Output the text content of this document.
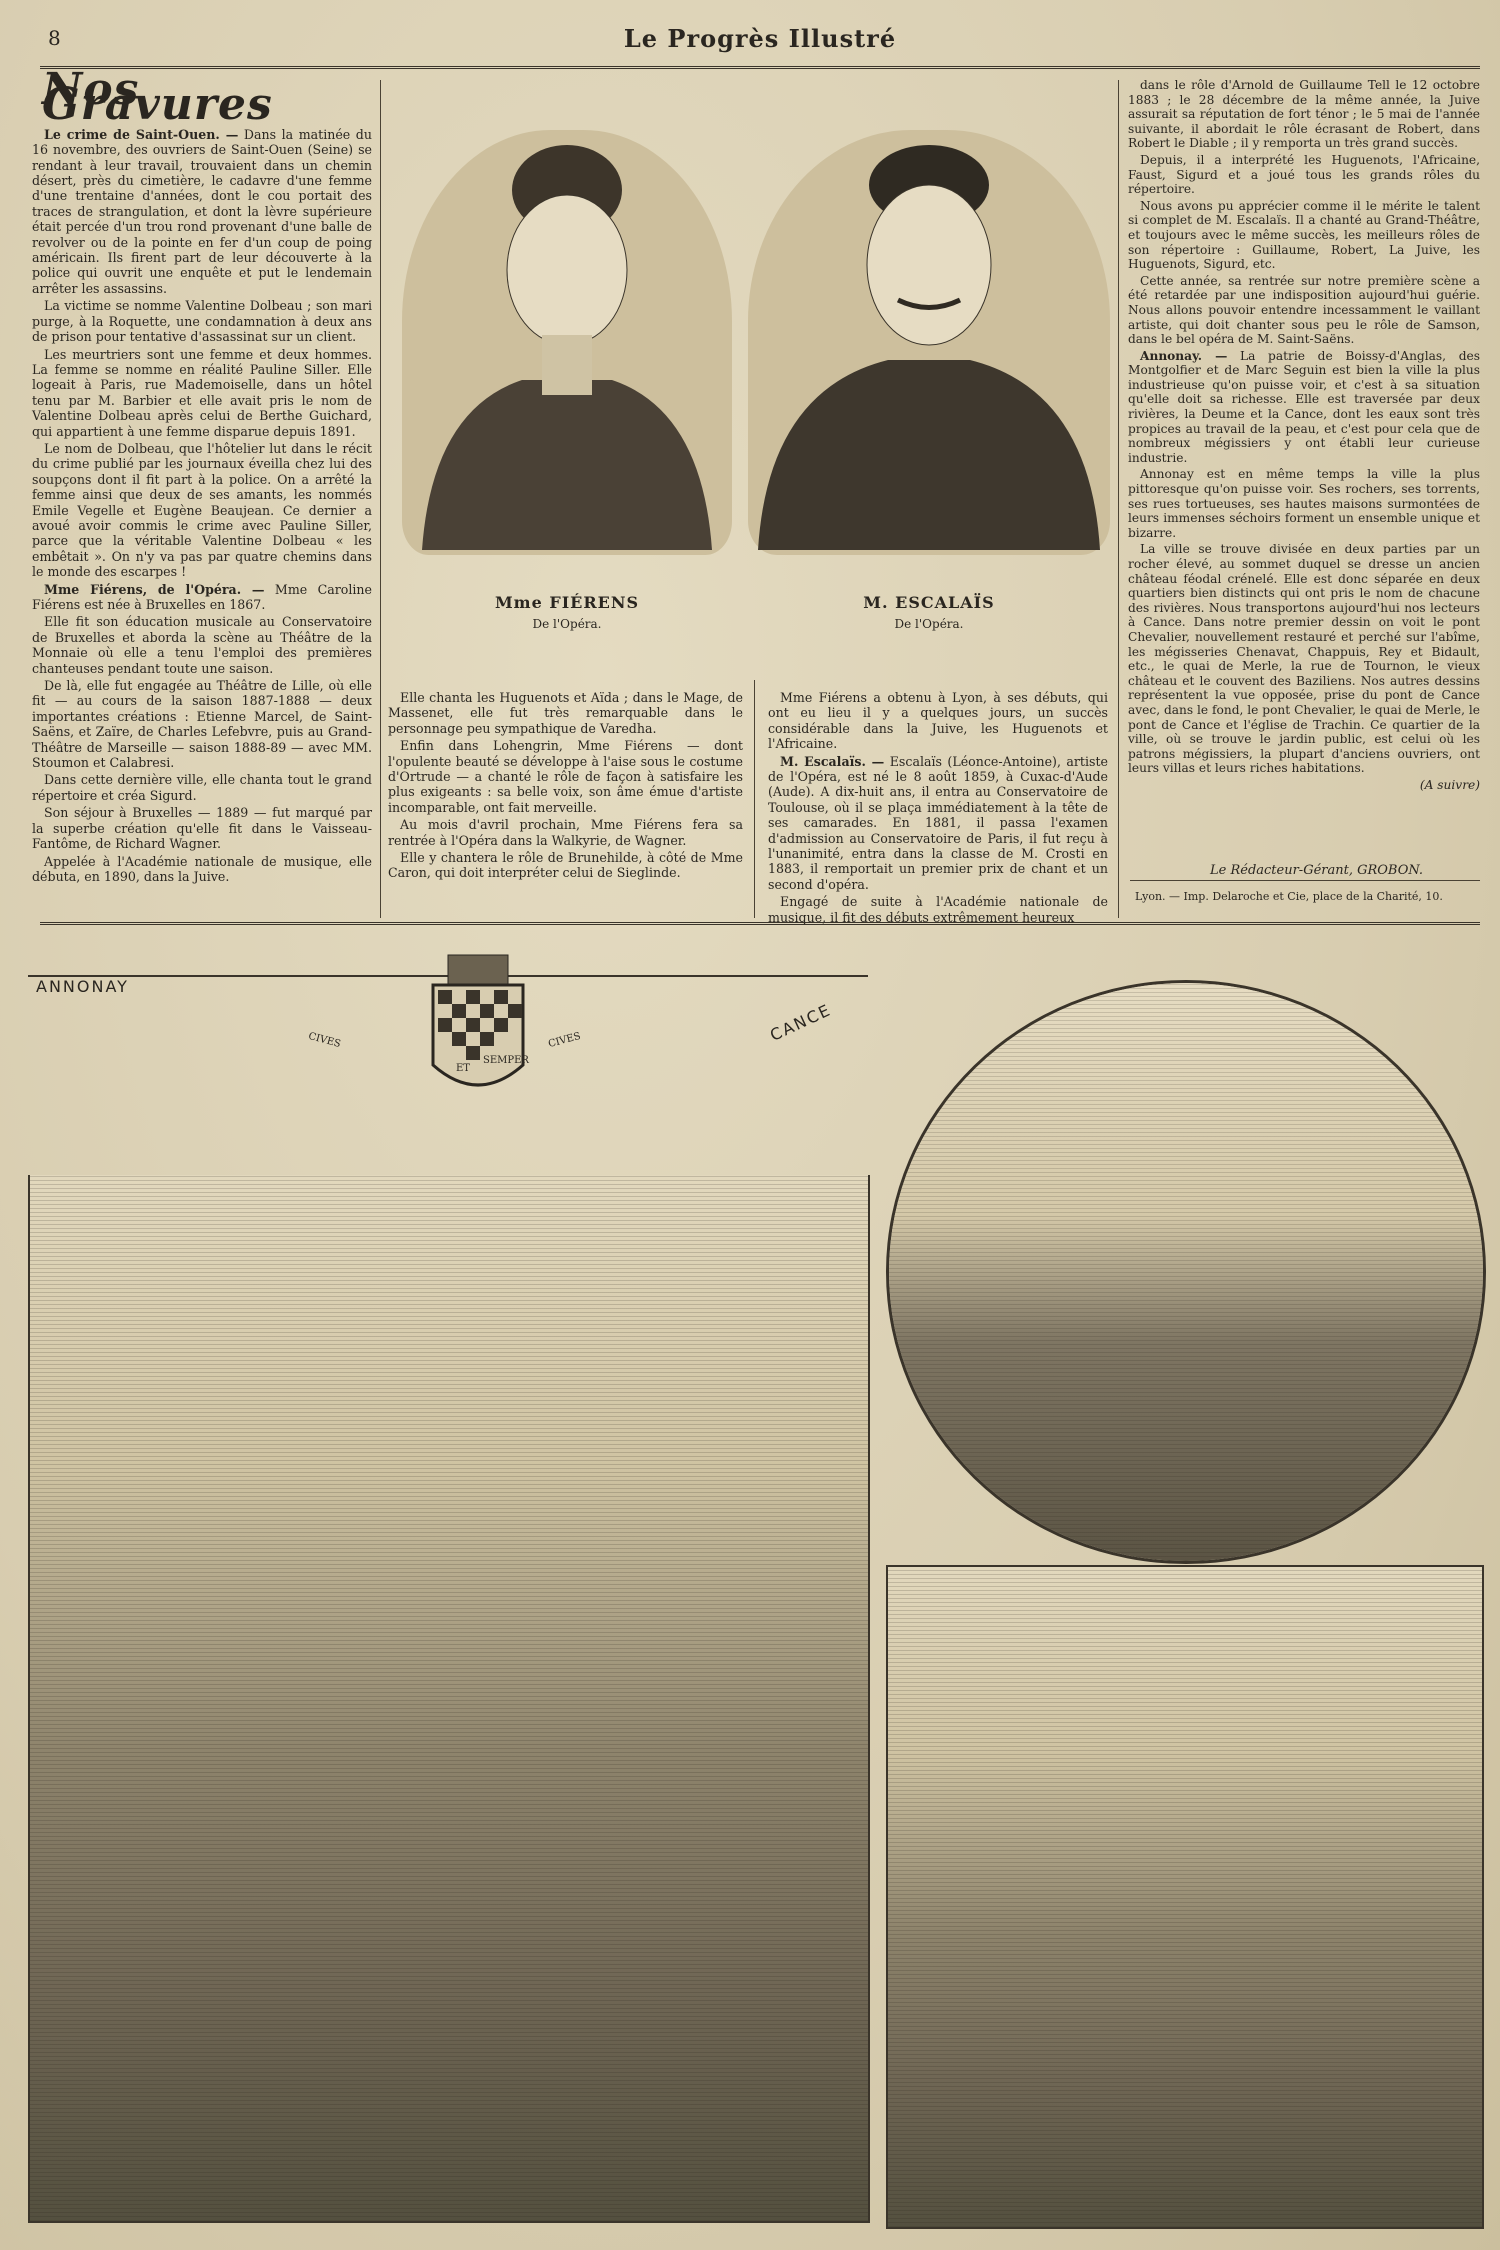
8	Le Progrès Illustré
Nos Gravures

Le crime de Saint-Ouen. — Dans la matinée du 16 novembre, des ouvriers de Saint-Ouen (Seine) se rendant à leur travail, trouvaient dans un chemin désert, près du cimetière, le cadavre d'une femme d'une trentaine d'années, dont le cou portait des traces de strangulation, et dont la lèvre supérieure était percée d'un trou rond provenant d'une balle de revolver ou de la pointe en fer d'un coup de poing américain. Ils firent part de leur découverte à la police qui ouvrit une enquête et put le lendemain arrêter les assassins.

La victime se nomme Valentine Dolbeau ; son mari purge, à la Roquette, une condamnation à deux ans de prison pour tentative d'assassinat sur un client.

Les meurtriers sont une femme et deux hommes. La femme se nomme en réalité Pauline Siller. Elle logeait à Paris, rue Mademoiselle, dans un hôtel tenu par M. Barbier et elle avait pris le nom de Valentine Dolbeau après celui de Berthe Guichard, qui appartient à une femme disparue depuis 1891.

Le nom de Dolbeau, que l'hôtelier lut dans le récit du crime publié par les journaux éveilla chez lui des soupçons dont il fit part à la police. On a arrêté la femme ainsi que deux de ses amants, les nommés Emile Vegelle et Eugène Beaujean. Ce dernier a avoué avoir commis le crime avec Pauline Siller, parce que la véritable Valentine Dolbeau « les embêtait ». On n'y va pas par quatre chemins dans le monde des escarpes !

Mme Fiérens, de l'Opéra. — Mme Caroline Fiérens est née à Bruxelles en 1867.

Elle fit son éducation musicale au Conservatoire de Bruxelles et aborda la scène au Théâtre de la Monnaie où elle a tenu l'emploi des premières chanteuses pendant toute une saison.

De là, elle fut engagée au Théâtre de Lille, où elle fit — au cours de la saison 1887-1888 — deux importantes créations : Etienne Marcel, de Saint-Saëns, et Zaïre, de Charles Lefebvre, puis au Grand-Théâtre de Marseille — saison 1888-89 — avec MM. Stoumon et Calabresi.

Dans cette dernière ville, elle chanta tout le grand répertoire et créa Sigurd.

Son séjour à Bruxelles — 1889 — fut marqué par la superbe création qu'elle fit dans le Vaisseau-Fantôme, de Richard Wagner.

Appelée à l'Académie nationale de musique, elle débuta, en 1890, dans la Juive.

Mme FIÉRENS
De l'Opéra.
M. ESCALAÏS
De l'Opéra.

Elle chanta les Huguenots et Aïda ; dans le Mage, de Massenet, elle fut très remarquable dans le personnage peu sympathique de Varedha.

Enfin dans Lohengrin, Mme Fiérens — dont l'opulente beauté se développe à l'aise sous le costume d'Ortrude — a chanté le rôle de façon à satisfaire les plus exigeants : sa belle voix, son âme émue d'artiste incomparable, ont fait merveille.

Au mois d'avril prochain, Mme Fiérens fera sa rentrée à l'Opéra dans la Walkyrie, de Wagner.

Elle y chantera le rôle de Brunehilde, à côté de Mme Caron, qui doit interpréter celui de Sieglinde.

Mme Fiérens a obtenu à Lyon, à ses débuts, qui ont eu lieu il y a quelques jours, un succès considérable dans la Juive, les Huguenots et l'Africaine.

M. Escalaïs. — Escalaïs (Léonce-Antoine), artiste de l'Opéra, est né le 8 août 1859, à Cuxac-d'Aude (Aude). A dix-huit ans, il entra au Conservatoire de Toulouse, où il se plaça immédiatement à la tête de ses camarades. En 1881, il passa l'examen d'admission au Conservatoire de Paris, il fut reçu à l'unanimité, entra dans la classe de M. Crosti en 1883, il remportait un premier prix de chant et un second d'opéra.

Engagé de suite à l'Académie nationale de musique, il fit des débuts extrêmement heureux

dans le rôle d'Arnold de Guillaume Tell le 12 octobre 1883 ; le 28 décembre de la même année, la Juive assurait sa réputation de fort ténor ; le 5 mai de l'année suivante, il abordait le rôle écrasant de Robert, dans Robert le Diable ; il y remporta un très grand succès.

Depuis, il a interprété les Huguenots, l'Africaine, Faust, Sigurd et a joué tous les grands rôles du répertoire.

Nous avons pu apprécier comme il le mérite le talent si complet de M. Escalaïs. Il a chanté au Grand-Théâtre, et toujours avec le même succès, les meilleurs rôles de son répertoire : Guillaume, Robert, La Juive, les Huguenots, Sigurd, etc.

Cette année, sa rentrée sur notre première scène a été retardée par une indisposition aujourd'hui guérie. Nous allons pouvoir entendre incessamment le vaillant artiste, qui doit chanter sous peu le rôle de Samson, dans le bel opéra de M. Saint-Saëns.

Annonay. — La patrie de Boissy-d'Anglas, des Montgolfier et de Marc Seguin est bien la ville la plus industrieuse qu'on puisse voir, et c'est à sa situation qu'elle doit sa richesse. Elle est traversée par deux rivières, la Deume et la Cance, dont les eaux sont très propices au travail de la peau, et c'est pour cela que de nombreux mégissiers y ont établi leur curieuse industrie.

Annonay est en même temps la ville la plus pittoresque qu'on puisse voir. Ses rochers, ses torrents, ses rues tortueuses, ses hautes maisons surmontées de leurs immenses séchoirs forment un ensemble unique et bizarre.

La ville se trouve divisée en deux parties par un rocher élevé, au sommet duquel se dresse un ancien château féodal crénelé. Elle est donc séparée en deux quartiers bien distincts qui ont pris le nom de chacune des rivières. Nous transportons aujourd'hui nos lecteurs à Cance. Dans notre premier dessin on voit le pont Chevalier, nouvellement restauré et perché sur l'abîme, les mégisseries Chenavat, Chappuis, Rey et Bidault, etc., le quai de Merle, la rue de Tournon, le vieux château et le couvent des Baziliens. Nos autres dessins représentent la vue opposée, prise du pont de Cance avec, dans le fond, le pont Chevalier, le quai de Merle, le pont de Cance et l'église de Trachin. Ce quartier de la ville, où se trouve le jardin public, est celui où les patrons mégissiers, la plupart d'anciens ouvriers, ont leurs villas et leurs riches habitations.

(A suivre)

Le Rédacteur-Gérant, GROBON.
Lyon. — Imp. Delaroche et Cie, place de la Charité, 10.
ANNONAY
CANCE
CIVES
ET
SEMPER
CIVES
